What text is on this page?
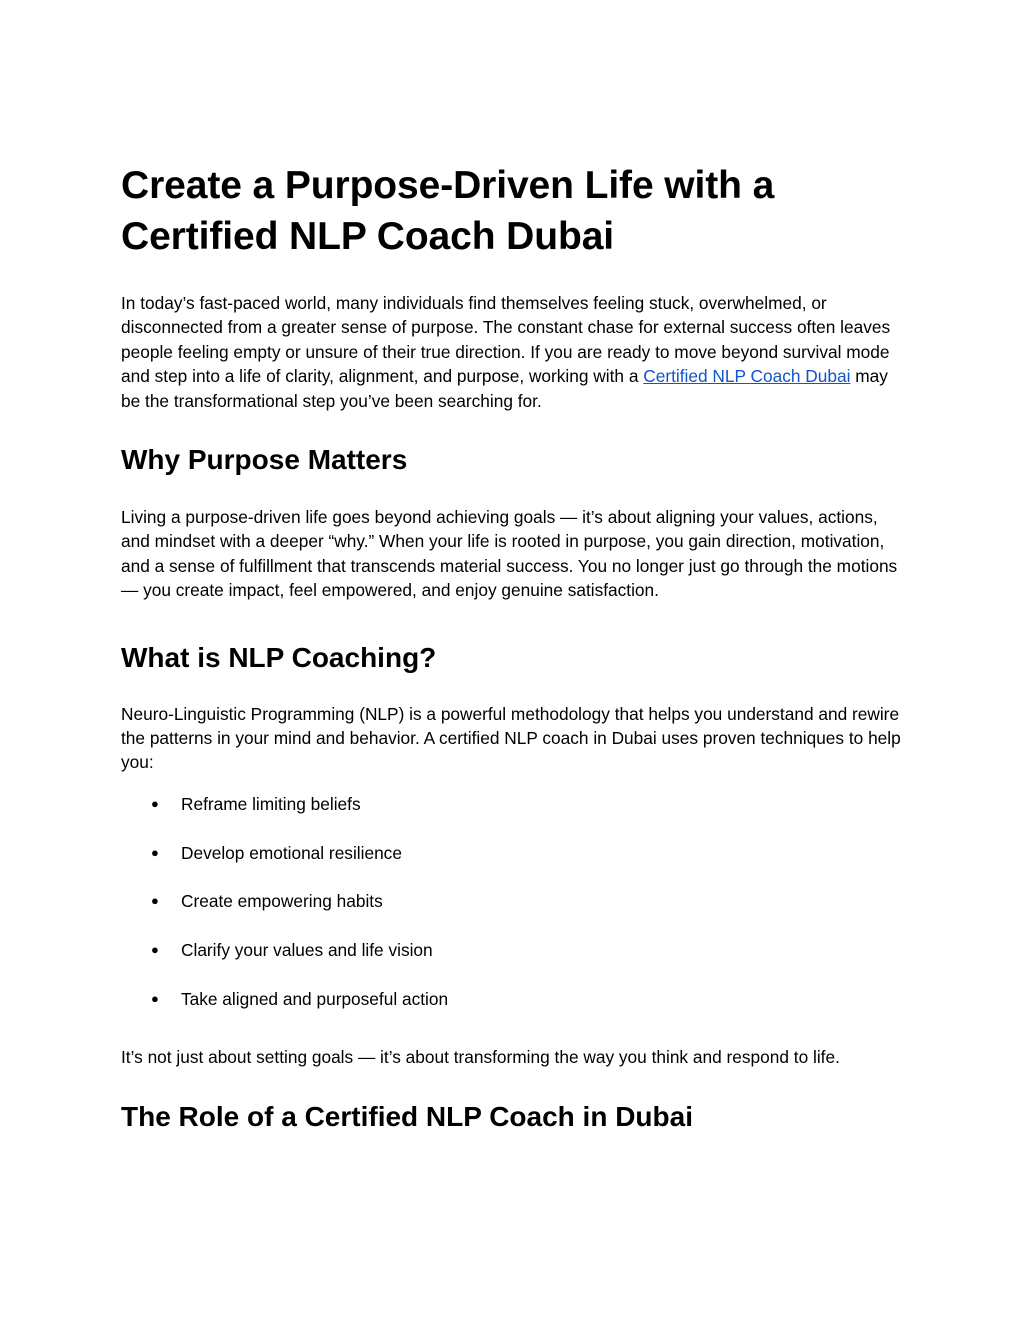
Create a Purpose-Driven Life with a Certified NLP Coach Dubai

In today’s fast-paced world, many individuals find themselves feeling stuck, overwhelmed, or disconnected from a greater sense of purpose. The constant chase for external success often leaves people feeling empty or unsure of their true direction. If you are ready to move beyond survival mode and step into a life of clarity, alignment, and purpose, working with a Certified NLP Coach Dubai may be the transformational step you’ve been searching for.

Why Purpose Matters

Living a purpose-driven life goes beyond achieving goals — it’s about aligning your values, actions, and mindset with a deeper “why.” When your life is rooted in purpose, you gain direction, motivation, and a sense of fulfillment that transcends material success. You no longer just go through the motions — you create impact, feel empowered, and enjoy genuine satisfaction.

What is NLP Coaching?

Neuro-Linguistic Programming (NLP) is a powerful methodology that helps you understand and rewire the patterns in your mind and behavior. A certified NLP coach in Dubai uses proven techniques to help you:

● Reframe limiting beliefs
● Develop emotional resilience
● Create empowering habits
● Clarify your values and life vision
● Take aligned and purposeful action

It’s not just about setting goals — it’s about transforming the way you think and respond to life.

The Role of a Certified NLP Coach in Dubai
